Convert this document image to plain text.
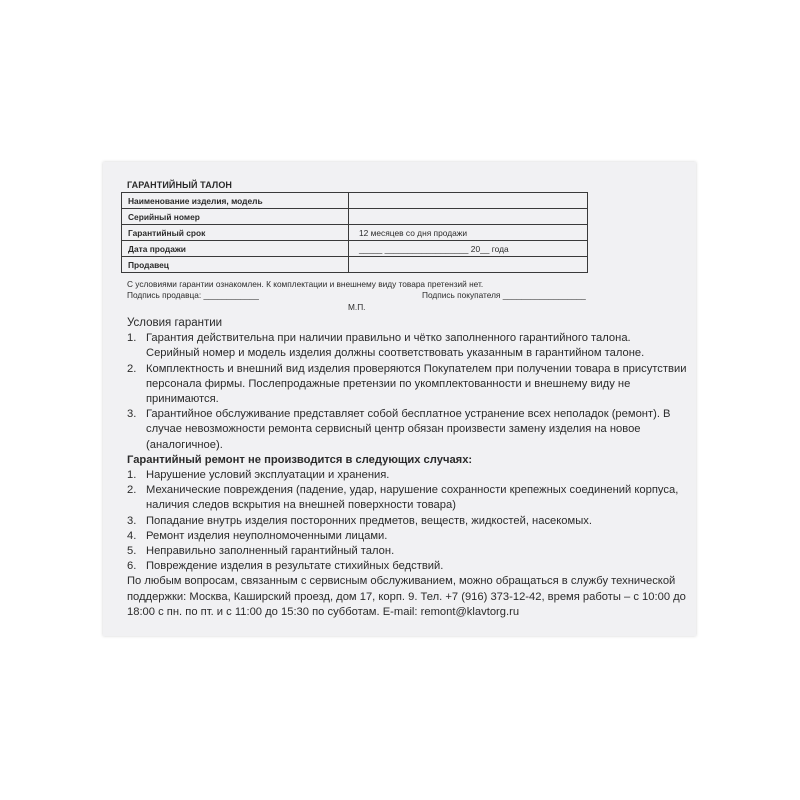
ГАРАНТИЙНЫЙ ТАЛОН
Наименование изделия, модель	
Серийный номер	
Гарантийный срок	12 месяцев со дня продажи
Дата продажи	_____ __________________ 20__ года
Продавец	
С условиями гарантии ознакомлен. К комплектации и внешнему виду товара претензий нет.
Подпись продавца: ____________	Подпись покупателя __________________
М.П.
Условия гарантии
1. Гарантия действительна при наличии правильно и чётко заполненного гарантийного талона. Серийный номер и модель изделия должны соответствовать указанным в гарантийном талоне.
2. Комплектность и внешний вид изделия проверяются Покупателем при получении товара в присутствии персонала фирмы. Послепродажные претензии по укомплектованности и внешнему виду не принимаются.
3. Гарантийное обслуживание представляет собой бесплатное устранение всех неполадок (ремонт). В случае невозможности ремонта сервисный центр обязан произвести замену изделия на новое (аналогичное).
Гарантийный ремонт не производится в следующих случаях:
1. Нарушение условий эксплуатации и хранения.
2. Механические повреждения (падение, удар, нарушение сохранности крепежных соединений корпуса, наличия следов вскрытия на внешней поверхности товара)
3. Попадание внутрь изделия посторонних предметов, веществ, жидкостей, насекомых.
4. Ремонт изделия неуполномоченными лицами.
5. Неправильно заполненный гарантийный талон.
6. Повреждение изделия в результате стихийных бедствий.
По любым вопросам, связанным с сервисным обслуживанием, можно обращаться в службу технической поддержки: Москва, Каширский проезд, дом 17, корп. 9. Тел. +7 (916) 373-12-42, время работы – с 10:00 до 18:00 с пн. по пт. и с 11:00 до 15:30 по субботам. E-mail: remont@klavtorg.ru
